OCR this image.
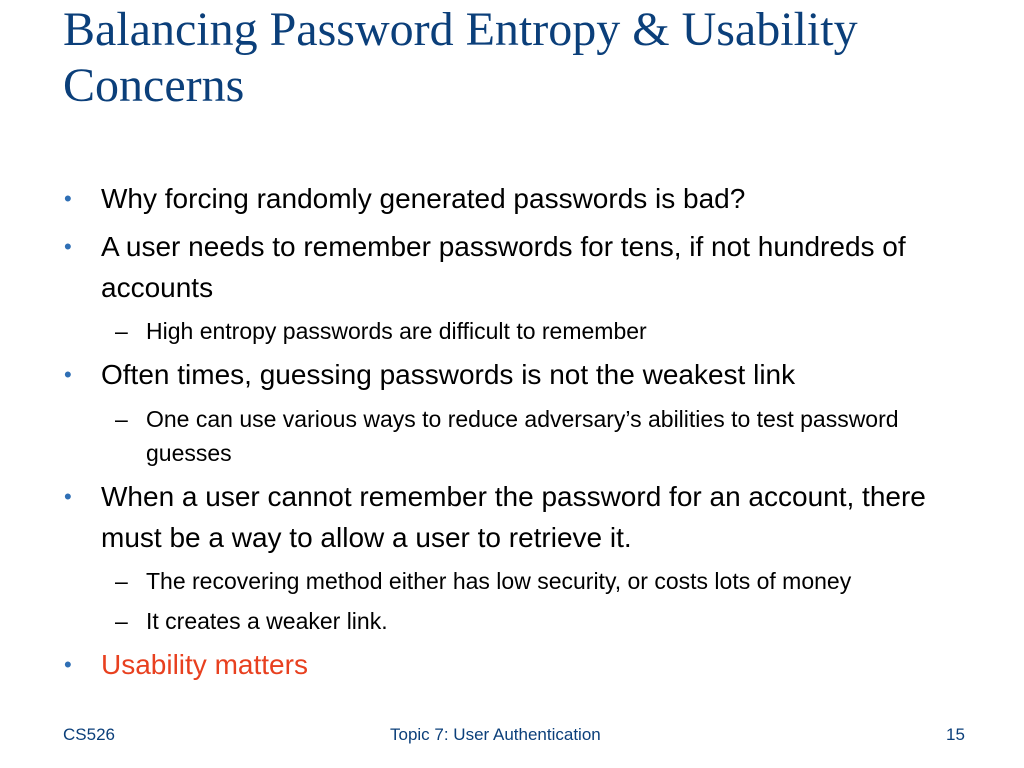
Balancing Password Entropy & Usability Concerns
• Why forcing randomly generated passwords is bad?
• A user needs to remember passwords for tens, if not hundreds of accounts
– High entropy passwords are difficult to remember
• Often times, guessing passwords is not the weakest link
– One can use various ways to reduce adversary’s abilities to test password guesses
• When a user cannot remember the password for an account, there must be a way to allow a user to retrieve it.
– The recovering method either has low security, or costs lots of money
– It creates a weaker link.
• Usability matters
CS526	Topic 7: User Authentication	15
